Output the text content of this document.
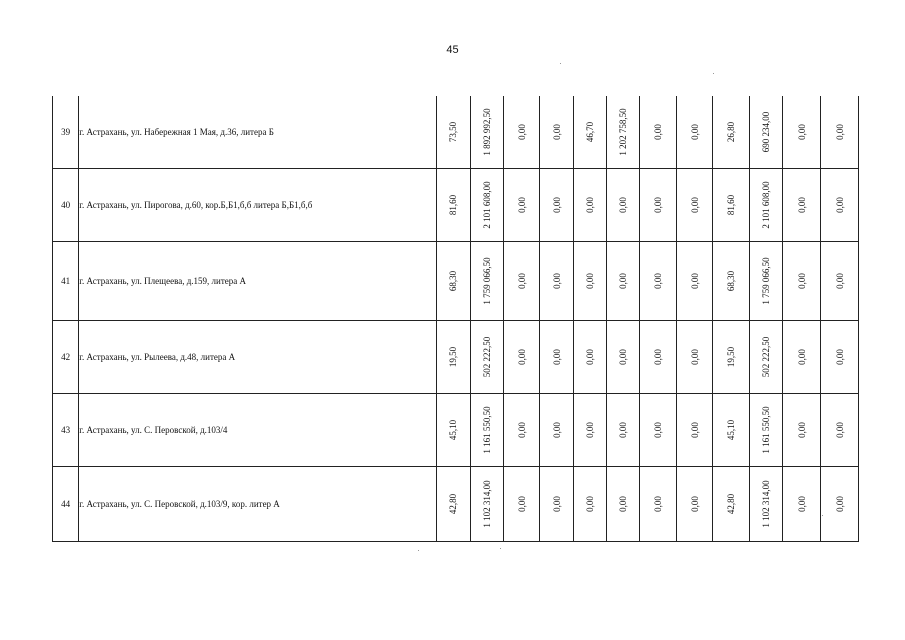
45
39	г. Астрахань, ул. Набережная 1 Мая, д.36, литера Б	73,50	1 892 992,50	0,00	0,00	46,70	1 202 758,50	0,00	0,00	26,80	690 234,00	0,00	0,00

40	г. Астрахань, ул. Пирогова, д.60, кор.Б,Б1,б,б литера Б,Б1,б,б	81,60	2 101 608,00	0,00	0,00	0,00	0,00	0,00	0,00	81,60	2 101 608,00	0,00	0,00

41	г. Астрахань, ул. Плещеева, д.159, литера А	68,30	1 759 066,50	0,00	0,00	0,00	0,00	0,00	0,00	68,30	1 759 066,50	0,00	0,00

42	г. Астрахань, ул. Рылеева, д.48, литера А	19,50	502 222,50	0,00	0,00	0,00	0,00	0,00	0,00	19,50	502 222,50	0,00	0,00

43	г. Астрахань, ул. С. Перовской, д.103/4	45,10	1 161 550,50	0,00	0,00	0,00	0,00	0,00	0,00	45,10	1 161 550,50	0,00	0,00

44	г. Астрахань, ул. С. Перовской, д.103/9, кор. литер А	42,80	1 102 314,00	0,00	0,00	0,00	0,00	0,00	0,00	42,80	1 102 314,00	0,00	0,00
